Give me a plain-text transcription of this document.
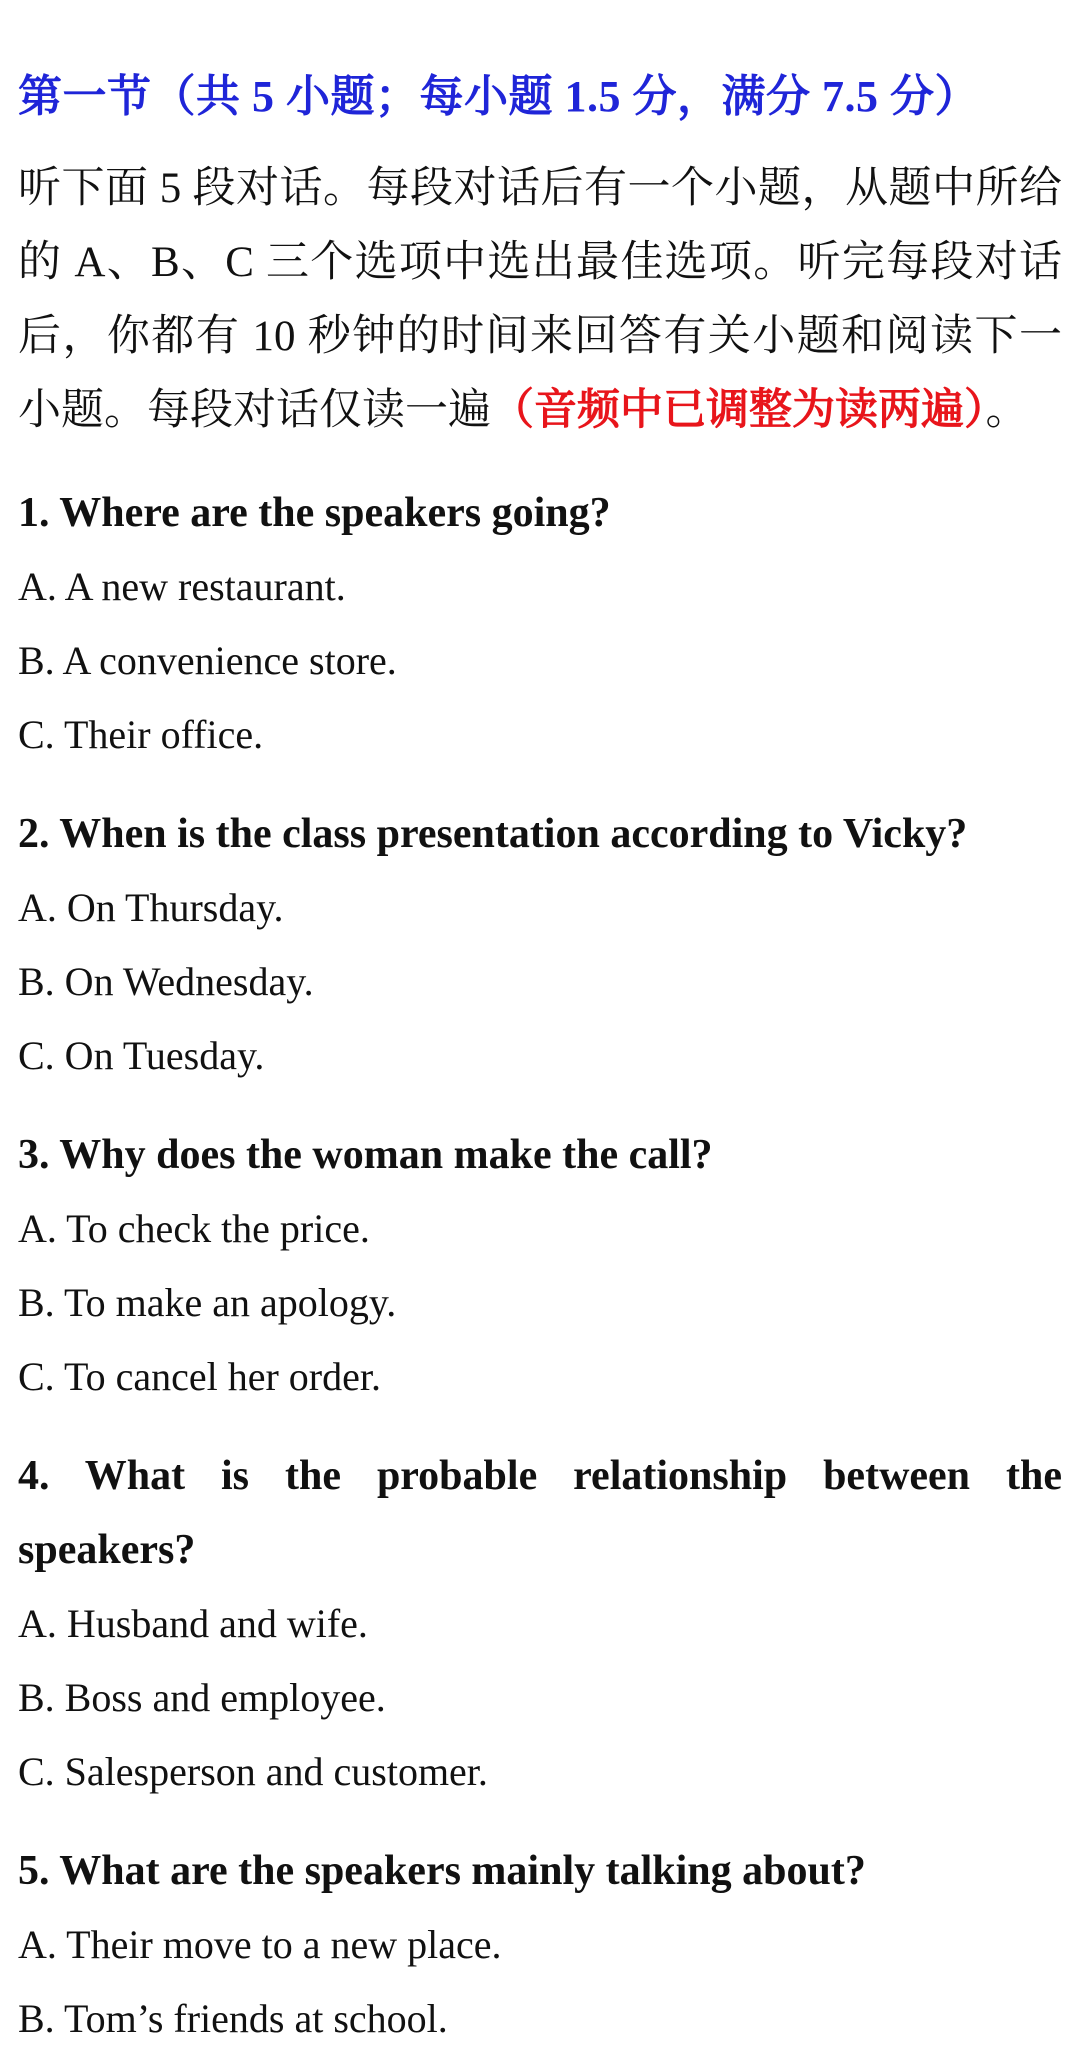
第一节（共 5 小题；每小题 1.5 分，满分 7.5 分）
听下面 5 段对话。每段对话后有一个小题，从题中所给的 A、B、C 三个选项中选出最佳选项。听完每段对话后，你都有 10 秒钟的时间来回答有关小题和阅读下一小题。每段对话仅读一遍（音频中已调整为读两遍）。
1. Where are the speakers going?
A. A new restaurant.
B. A convenience store.
C. Their office.
2. When is the class presentation according to Vicky?
A. On Thursday.
B. On Wednesday.
C. On Tuesday.
3. Why does the woman make the call?
A. To check the price.
B. To make an apology.
C. To cancel her order.
4. What is the probable relationship between the speakers?
A. Husband and wife.
B. Boss and employee.
C. Salesperson and customer.
5. What are the speakers mainly talking about?
A. Their move to a new place.
B. Tom’s friends at school.
